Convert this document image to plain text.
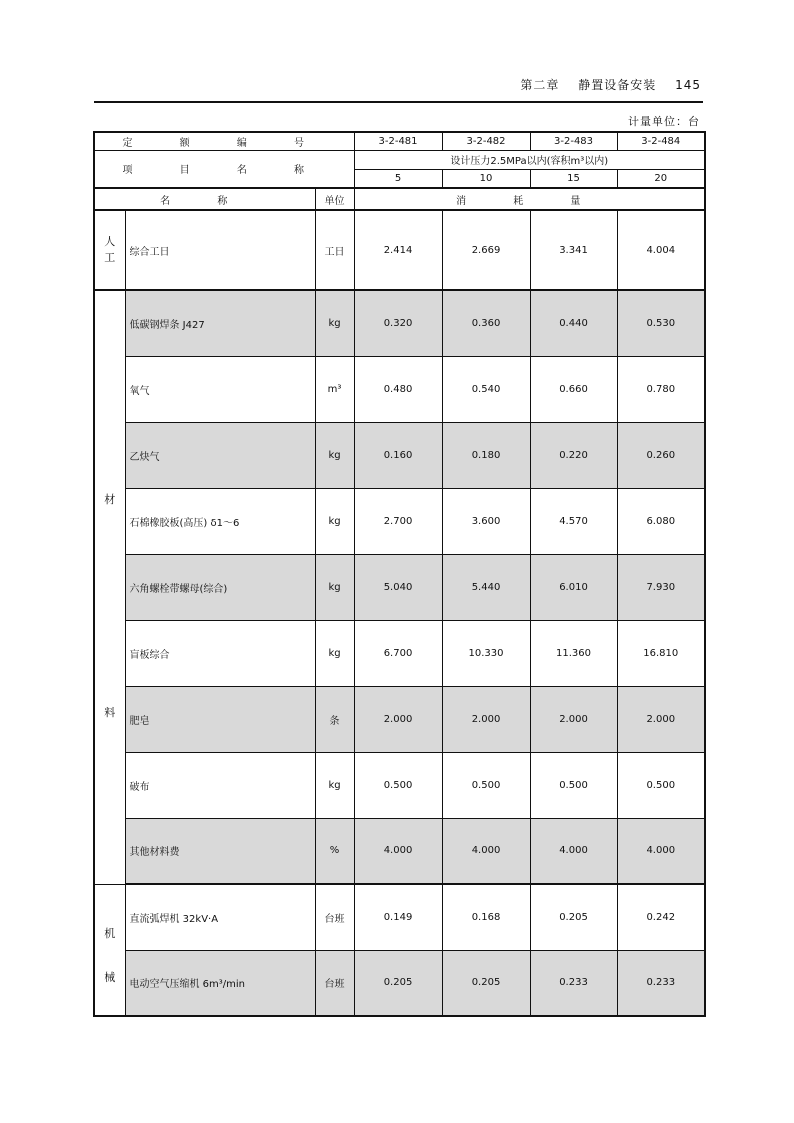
第二章 静置设备安装 145
计量单位：台
定 额 编 号			3-2-481	3-2-482	3-2-483	3-2-484
项 目 名 称			设计压力2.5MPa以内(容积m³以内)			
			5	10	15	20
名 称		单位	消 耗 量			

人
工	综合工日	工日	2.414	2.669	3.341	4.004

材
料	低碳钢焊条 J427	kg	0.320	0.360	0.440	0.530
	氧气	m³	0.480	0.540	0.660	0.780
	乙炔气	kg	0.160	0.180	0.220	0.260
	石棉橡胶板(高压) δ1～6	kg	2.700	3.600	4.570	6.080
	六角螺栓带螺母(综合)	kg	5.040	5.440	6.010	7.930
	盲板综合	kg	6.700	10.330	11.360	16.810
	肥皂	条	2.000	2.000	2.000	2.000
	破布	kg	0.500	0.500	0.500	0.500
	其他材料费	%	4.000	4.000	4.000	4.000

机
械	直流弧焊机 32kV·A	台班	0.149	0.168	0.205	0.242
	电动空气压缩机 6m³/min	台班	0.205	0.205	0.233	0.233
